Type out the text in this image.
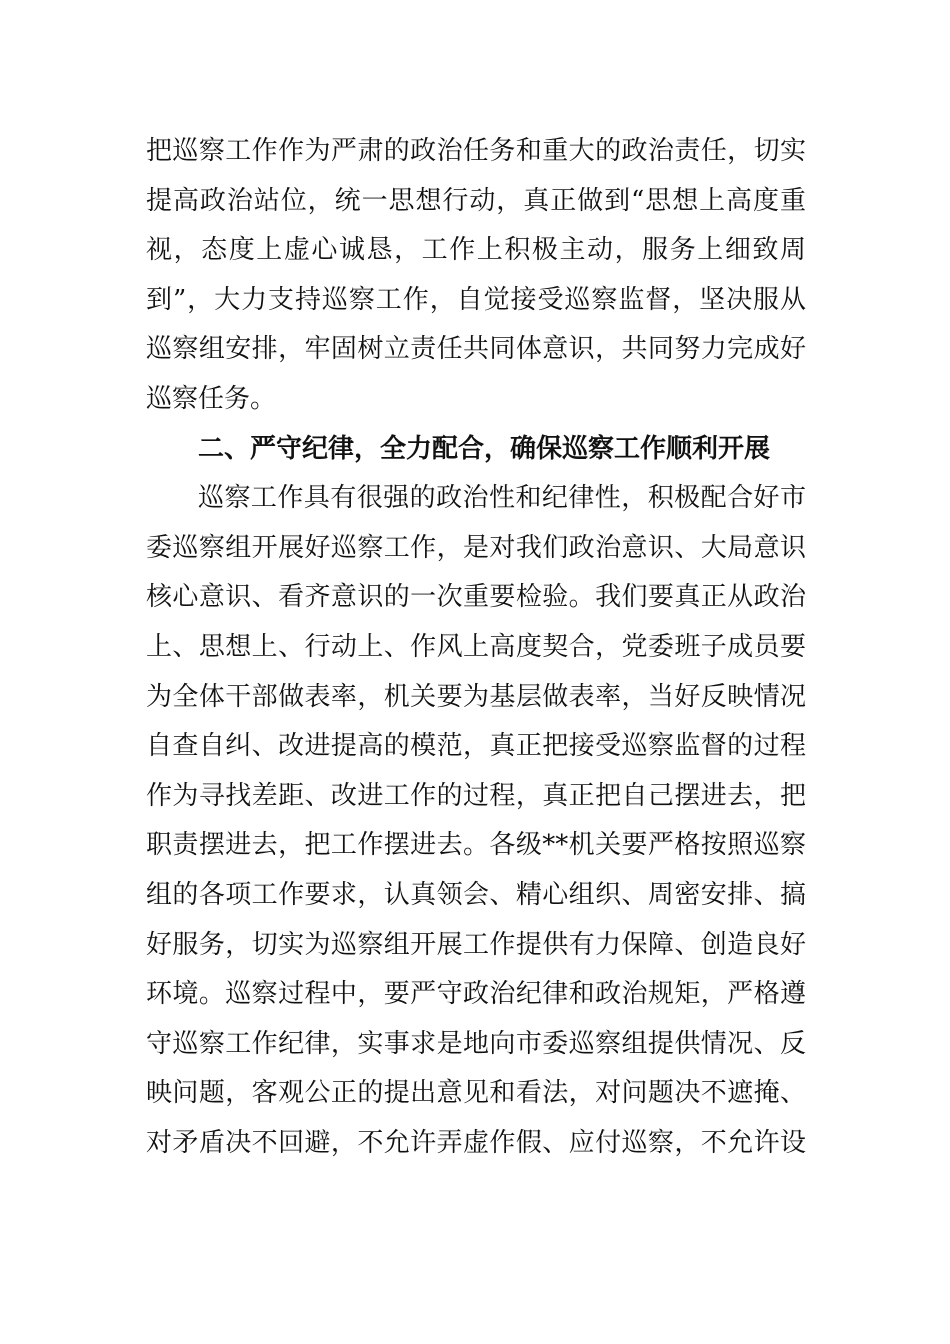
把巡察工作作为严肃的政治任务和重大的政治责任，切实
提高政治站位，统一思想行动，真正做到“思想上高度重
视，态度上虚心诚恳，工作上积极主动，服务上细致周
到”，大力支持巡察工作，自觉接受巡察监督，坚决服从
巡察组安排，牢固树立责任共同体意识，共同努力完成好
巡察任务。
二、严守纪律，全力配合，确保巡察工作顺利开展
巡察工作具有很强的政治性和纪律性，积极配合好市
委巡察组开展好巡察工作，是对我们政治意识、大局意识
核心意识、看齐意识的一次重要检验。我们要真正从政治
上、思想上、行动上、作风上高度契合，党委班子成员要
为全体干部做表率，机关要为基层做表率，当好反映情况
自查自纠、改进提高的模范，真正把接受巡察监督的过程
作为寻找差距、改进工作的过程，真正把自己摆进去，把
职责摆进去，把工作摆进去。各级**机关要严格按照巡察
组的各项工作要求，认真领会、精心组织、周密安排、搞
好服务，切实为巡察组开展工作提供有力保障、创造良好
环境。巡察过程中，要严守政治纪律和政治规矩，严格遵
守巡察工作纪律，实事求是地向市委巡察组提供情况、反
映问题，客观公正的提出意见和看法，对问题决不遮掩、
对矛盾决不回避，不允许弄虚作假、应付巡察，不允许设
